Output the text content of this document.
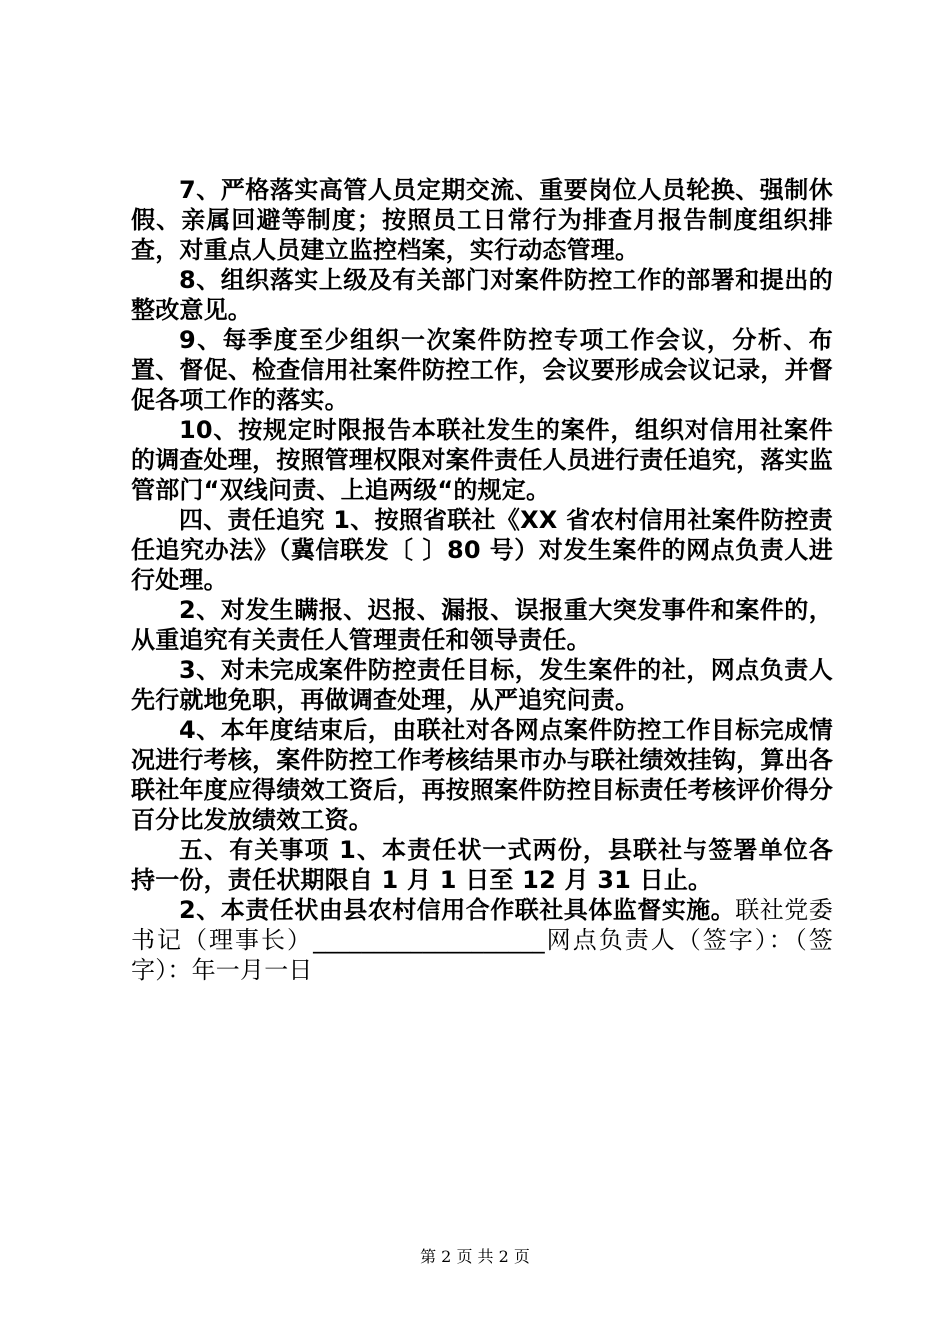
7、严格落实高管人员定期交流、重要岗位人员轮换、强制休假、亲属回避等制度；按照员工日常行为排查月报告制度组织排查，对重点人员建立监控档案，实行动态管理。

8、组织落实上级及有关部门对案件防控工作的部署和提出的整改意见。

9、每季度至少组织一次案件防控专项工作会议，分析、布置、督促、检查信用社案件防控工作，会议要形成会议记录，并督促各项工作的落实。

10、按规定时限报告本联社发生的案件，组织对信用社案件的调查处理，按照管理权限对案件责任人员进行责任追究，落实监管部门“双线问责、上追两级“的规定。

四、责任追究 1、按照省联社《XX 省农村信用社案件防控责任追究办法》（冀信联发〔 〕80 号）对发生案件的网点负责人进行处理。

2、对发生瞒报、迟报、漏报、误报重大突发事件和案件的，从重追究有关责任人管理责任和领导责任。

3、对未完成案件防控责任目标，发生案件的社，网点负责人先行就地免职，再做调查处理，从严追究问责。

4、本年度结束后，由联社对各网点案件防控工作目标完成情况进行考核，案件防控工作考核结果市办与联社绩效挂钩，算出各联社年度应得绩效工资后，再按照案件防控目标责任考核评价得分百分比发放绩效工资。

五、有关事项 1、本责任状一式两份，县联社与签署单位各持一份，责任状期限自 1 月 1 日至 12 月 31 日止。

2、本责任状由县农村信用合作联社具体监督实施。联社党委书记（理事长）___________________网点负责人（签字）：（签字）：年一月一日

第 2 页 共 2 页
